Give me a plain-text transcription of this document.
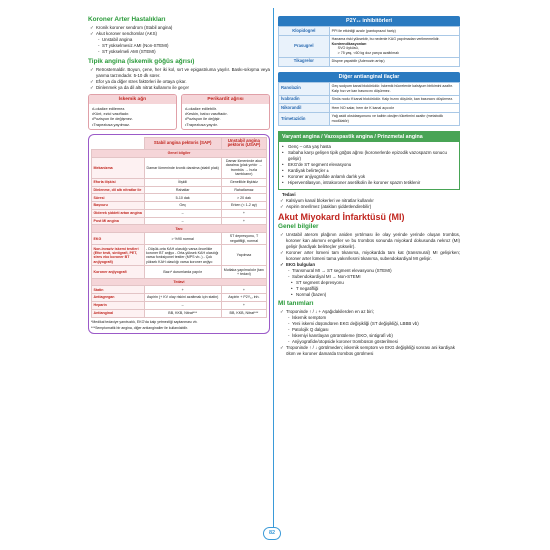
Koroner Arter Hastalıkları
✓ Kronik koroner sendrom (Stabil angina)
✓ Akut koroner sendromlar (AKS)
- Unstabil angina
- ST yükselmesiz AMI (Non-STEMI)
- ST yükselmeli AMI (STEMI)
Tipik angina (İskemik göğüs ağrısı)
✓ Retrosternaldir. Boyun, çene, her iki kol, sırt ve epigastriuma yayılır. Baskı-sıkışma veya yanma tarzındadır. 5-10 dk sürer.
✓ Efor ya da diğer stres faktörleri ile ortaya çıkar.
✓ Dinlenmek ya da dil altı nitrat kullanımı ile geçer
İskemik ağrı
• Lokalize edilemez.
• Künt, ezici vasıftadır.
• Pozisyon ile değişmez.
• Trapeziusa yayılmaz.
Perikardit ağrısı
• Lokalize edilebilir.
• Keskin, batıcı vasıftadır.
• Pozisyon ile değişir.
• Trapeziusa yayılır.
	Stabil angina pektoris (SAP)	Unstabil angina pektoris (USAP)
Genel bilgiler		
Mekanizma	Damar lümeninde kronik daralma (stabil plak)	Damar lümeninde akut daralma (plak yırtılır → trombüs → hızla tamtıkanır)
Eforla ilişkisi	İlişkili	Genellikle ilişkisiz
Dinlenme, dil altı nitratlar ile	Rahatlar	Rahatlamaz
Süresi	5-10 dak	> 20 dak
Başvuru	Geç	Erken (< 1-2 ay)
Giderek şiddeti artan angina	–	+
Post MI angina	–	+
Tanı		
EKG	> %90 normal	ST depresyonu, T negatifliği, normal
Non-invaziv iskemi testleri (Efor testi, sintigrafi, PET, stres eko koroner BT anjiyografi)	- Düşük-orta KAH olasılığı varsa öncelikle koroner BT anjiyo - Orta-yüksek KAH olasılığı varsa fonksiyonel testler (MPS vb..) - Çok yüksek KAH olasılığı varsa koroner anjiyo	Yapılmaz
Koroner anjiyografi	Bazı* durumlarda yapılır	Mutlaka yapılmalıdır (tanı + tedavi)
Tedavi		
Statin	+	+
Antiagregan	Aspirin (+ KV olay riskini azaltmak için statin)	Aspirin + P2Y₁₂ inh.
Heparin	–	+
Antianginal	BB, KKB, Nitrat***	BB, KKB, Nitrat***
*Medikal tedaviye yanıtsızlık, EKO'da kalp yetmezliği saptanması vb.
***Semptomatik bir angina, diğer antianginaller ile kullanılabilir.
P2Y₁₂ inhibitörleri
Klopidogrel	PPI ile etkinliği azalır (pantoprazol hariç)
Prasugrel	Hanama riski yüksektir, bu nedenle KAG yapılmadan verilmemelidir.
Kontrendikasyonları
SVO öyküsü,
> 75 yaş, <60 kg doz yarıya azaltılmalı

Tikagrelor	Dispne yapabilir (Adenozin artışı)
Diğer antianginal ilaçlar
Ranolazin	Geç sodyum kanal blokörüdür. İskemik hücrelerde kalsiyum birikimini azaltır. Kalp hızı ve kan basıncını düşürmez.
İvabradin	Sinüs nodu If kanal blokörüdür. Kalp hızını düşürür, kan basıncını düşürmez.
Nikorandil	Hem NO salar, hem de K kanal açıcıdır
Trimetazidin	Yağ asidi oksidasyonunu ve kalbin oksijen tüketimini azaltır (metabolik modülatör)
Varyant angina / Vazospastik angina / Prinzmetal angina
• Genç – orta yaş hasta
• Sabaha karşı gelişen tipik göğüs ağrısı (koronerlerde epizodik vazospazm sonucu gelişir)
• EKG'de ST segment elevasyonu
• Kardiyak belirteçler ±
• Koroner anjiyografide anlamlı darlık yok
• Hiperventilasyon, intrakoroner asetilkolin ile koroner spazm tetiklenir
Tedavi
✓ Kalsiyum kanal blokerleri ve nitratlar kullanılır
✓ Aspirin önerilmez (atakları şiddetlendirebilir)
Akut Miyokard İnfarktüsü (MI)
Genel bilgiler
✓ Unstabil aterom plağının aniden yırtılması ile olay yerinde yerinde oluşan trombüs, koroner kan akımını engeller ve bu trombüs sonunda miyokard dokusunda nekroz (MI) gelişir (kardiyak belirteçler yükselir).
✓ Koroner arter lümeni tam tıkanırsa, miyokardda tam kat (transmural) MI gelişirken; koroner arter lümeni tama yakın/kısmi tıkanırsa, subendokardiyal MI gelişir.
✓ EKG bulguları
- Transmural MI → ST segment elevasyonu (STEMI)
- Subendokardiyal MI → Non-STEMI
• ST segment depresyonu
• T negatifliği
• Normal (bazen)
MI tanımları
✓ Troponinde ↑ / ↓ + Aşağıdakilerden en az biri;
- İskemik semptom
- Yeni iskemi düşündüren EKG değişikliği (ST değişikliği, LBBB vb)
- Patolojik Q dalgası
- İskemiyi kanıtlayan görüntüleme (EKO, sintigrafi vb)
- Anjiyografide/otopside koroner trombüsün gösterilmesi
✓ Troponinde ↑ / ↓ görülmeden; iskemik semptom ve EKG değişikliği sonrası ani kardiyak ölüm ve koroner damarda trombüs görülmesi
82
